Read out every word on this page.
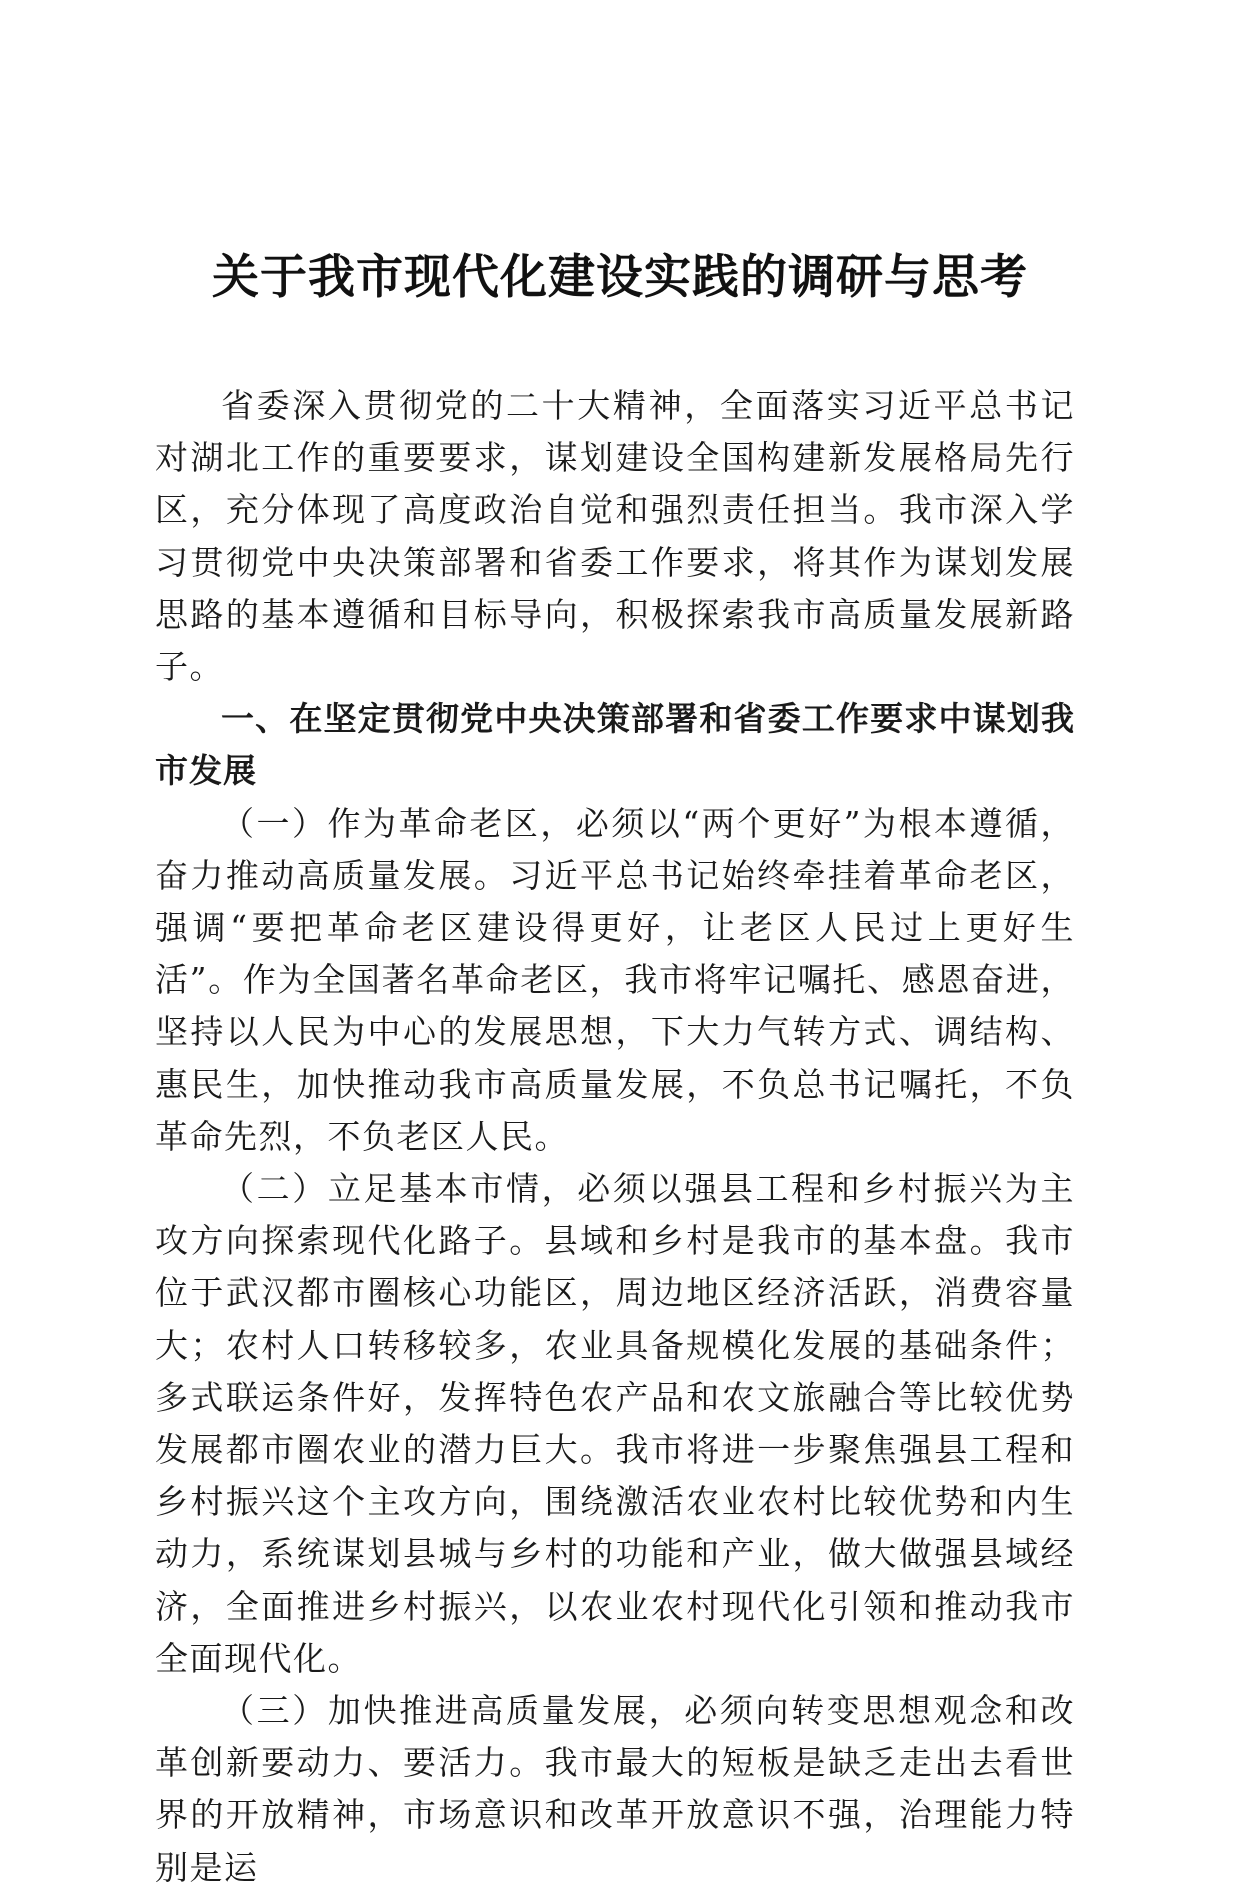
关于我市现代化建设实践的调研与思考

省委深入贯彻党的二十大精神，全面落实习近平总书记对湖北工作的重要要求，谋划建设全国构建新发展格局先行区，充分体现了高度政治自觉和强烈责任担当。我市深入学习贯彻党中央决策部署和省委工作要求，将其作为谋划发展思路的基本遵循和目标导向，积极探索我市高质量发展新路子。

一、在坚定贯彻党中央决策部署和省委工作要求中谋划我市发展

（一）作为革命老区，必须以“两个更好”为根本遵循，奋力推动高质量发展。习近平总书记始终牵挂着革命老区，强调“要把革命老区建设得更好，让老区人民过上更好生活”。作为全国著名革命老区，我市将牢记嘱托、感恩奋进，坚持以人民为中心的发展思想，下大力气转方式、调结构、惠民生，加快推动我市高质量发展，不负总书记嘱托，不负革命先烈，不负老区人民。

（二）立足基本市情，必须以强县工程和乡村振兴为主攻方向探索现代化路子。县域和乡村是我市的基本盘。我市位于武汉都市圈核心功能区，周边地区经济活跃，消费容量大；农村人口转移较多，农业具备规模化发展的基础条件；多式联运条件好，发挥特色农产品和农文旅融合等比较优势发展都市圈农业的潜力巨大。我市将进一步聚焦强县工程和乡村振兴这个主攻方向，围绕激活农业农村比较优势和内生动力，系统谋划县城与乡村的功能和产业，做大做强县域经济，全面推进乡村振兴，以农业农村现代化引领和推动我市全面现代化。

（三）加快推进高质量发展，必须向转变思想观念和改革创新要动力、要活力。我市最大的短板是缺乏走出去看世界的开放精神，市场意识和改革开放意识不强，治理能力特别是运
